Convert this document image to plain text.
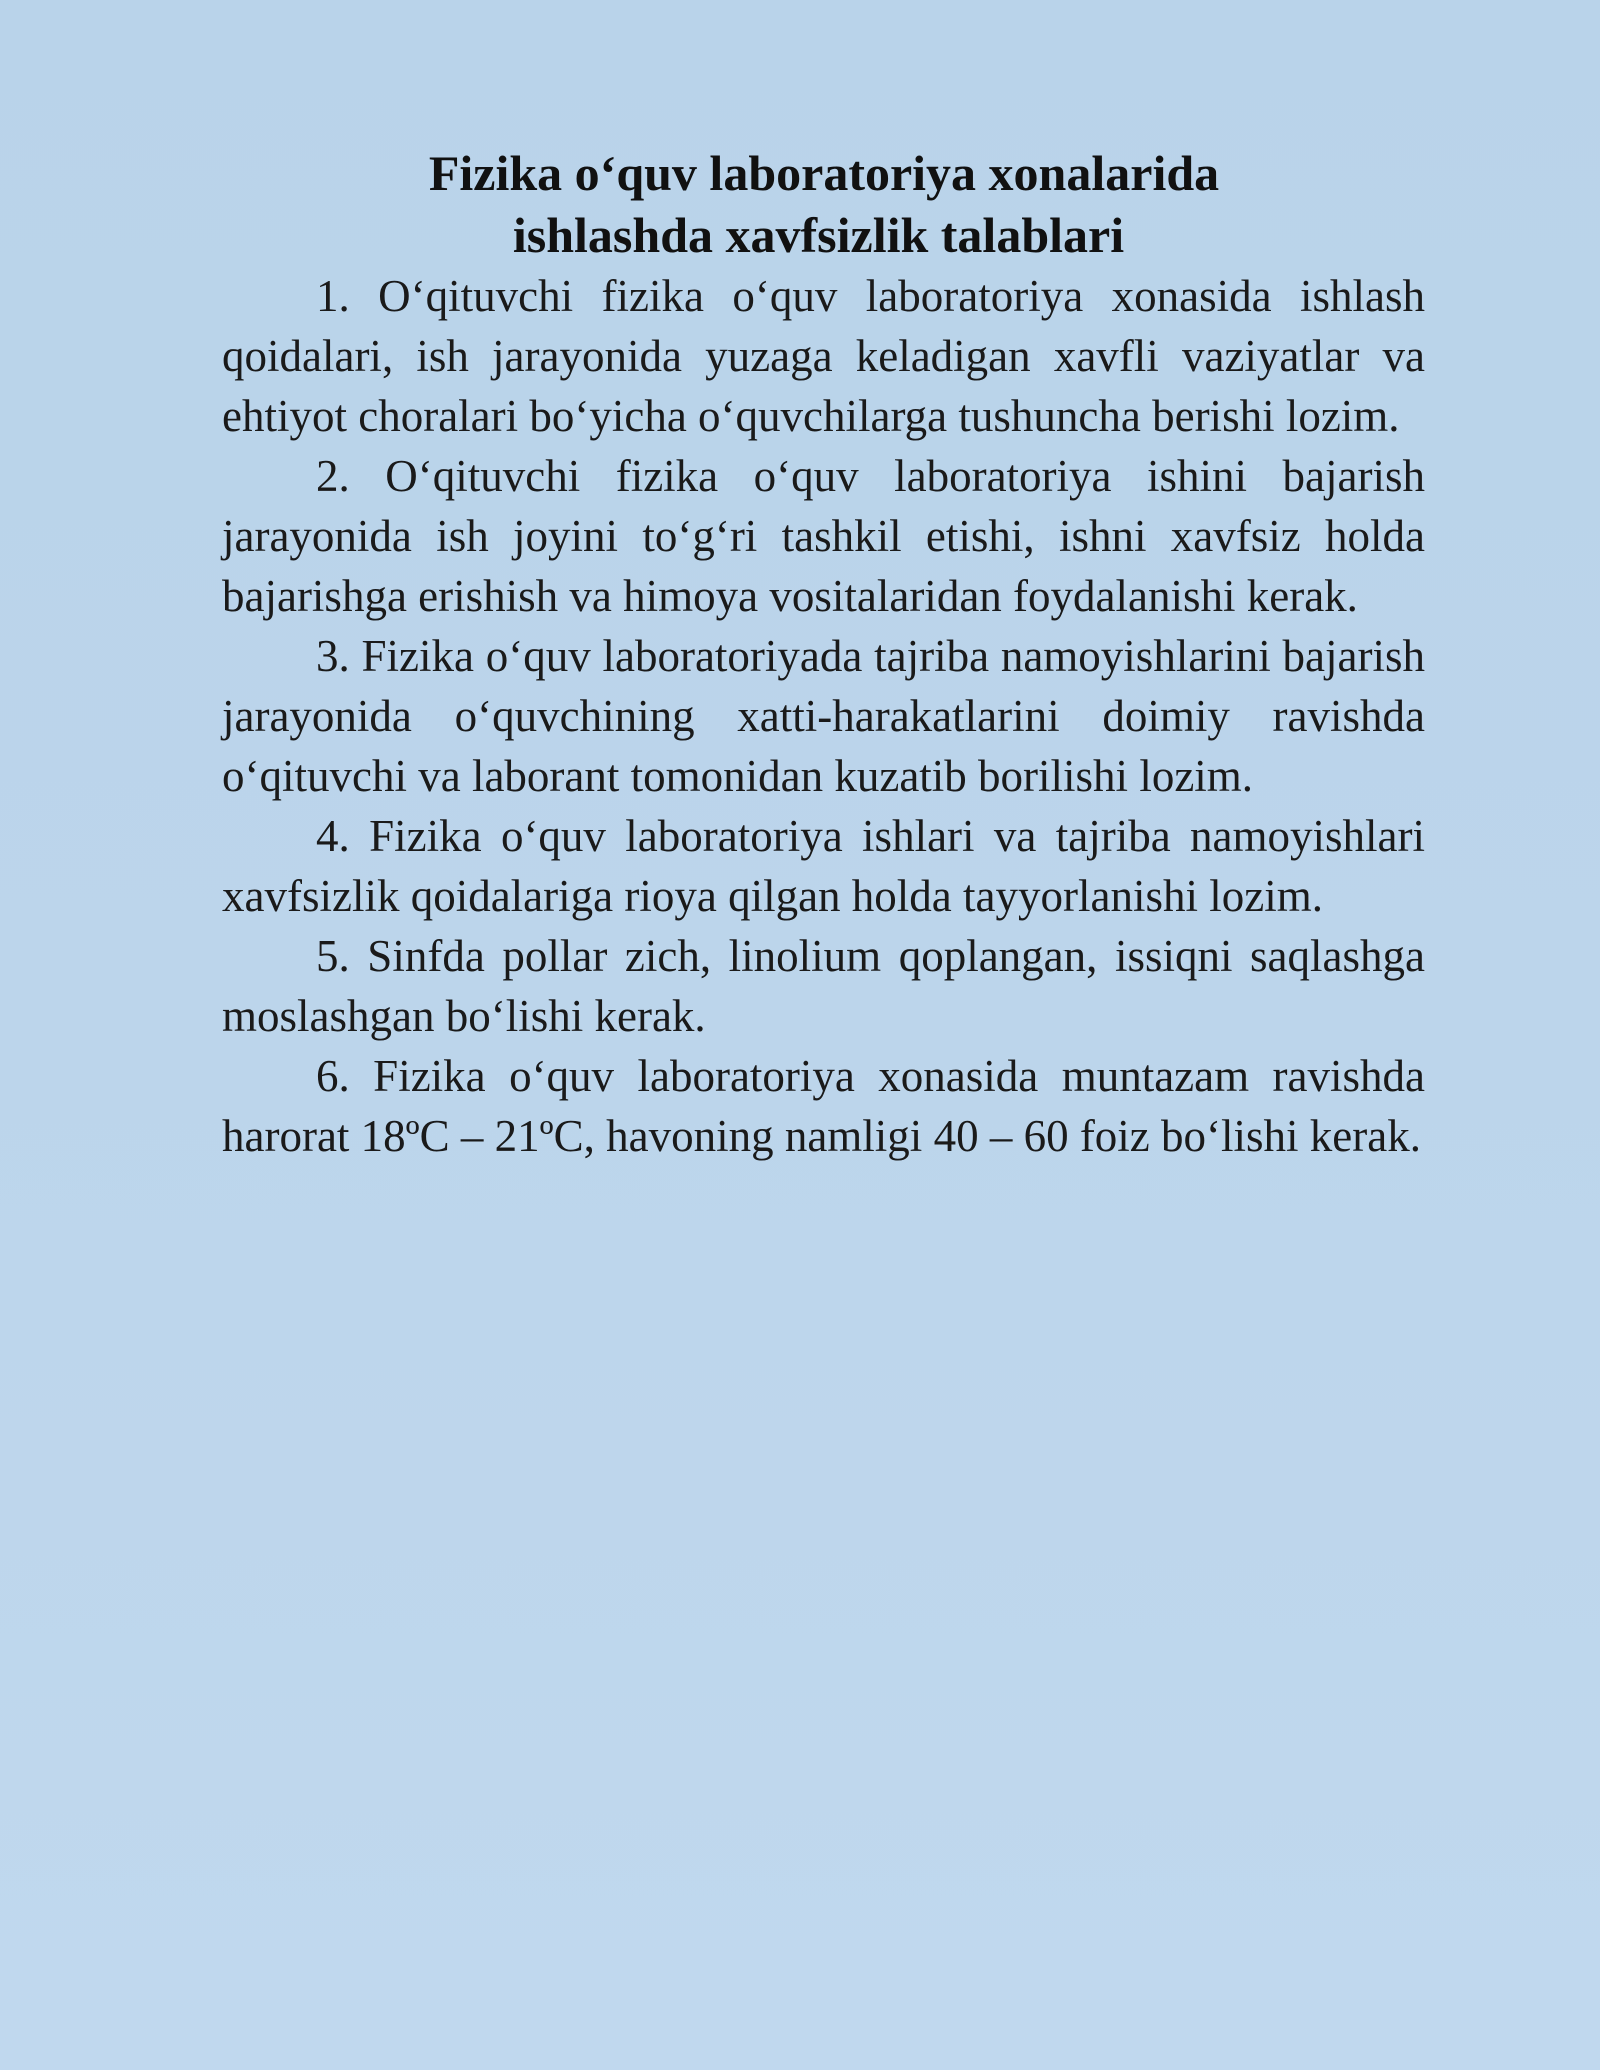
Fizika o‘quv laboratoriya xonalarida
ishlashda xavfsizlik talablari

1. O‘qituvchi fizika o‘quv laboratoriya xonasida ishlash qoidalari, ish jarayonida yuzaga keladigan xavfli vaziyatlar va ehtiyot choralari bo‘yicha o‘quvchilarga tushuncha berishi lozim.

2. O‘qituvchi fizika o‘quv laboratoriya ishini bajarish jarayonida ish joyini to‘g‘ri tashkil etishi, ishni xavfsiz holda bajarishga erishish va himoya vositalaridan foydalanishi kerak.

3. Fizika o‘quv laboratoriyada tajriba namoyishlarini bajarish jarayonida o‘quvchining xatti-harakatlarini doimiy ravishda o‘qituvchi va laborant tomonidan kuzatib borilishi lozim.

4. Fizika o‘quv laboratoriya ishlari va tajriba namoyishlari xavfsizlik qoidalariga rioya qilgan holda tayyorlanishi lozim.

5. Sinfda pollar zich, linolium qoplangan, issiqni saqlashga moslashgan bo‘lishi kerak.

6. Fizika o‘quv laboratoriya xonasida muntazam ravishda harorat 18ºC – 21ºC, havoning namligi 40 – 60 foiz bo‘lishi kerak.
